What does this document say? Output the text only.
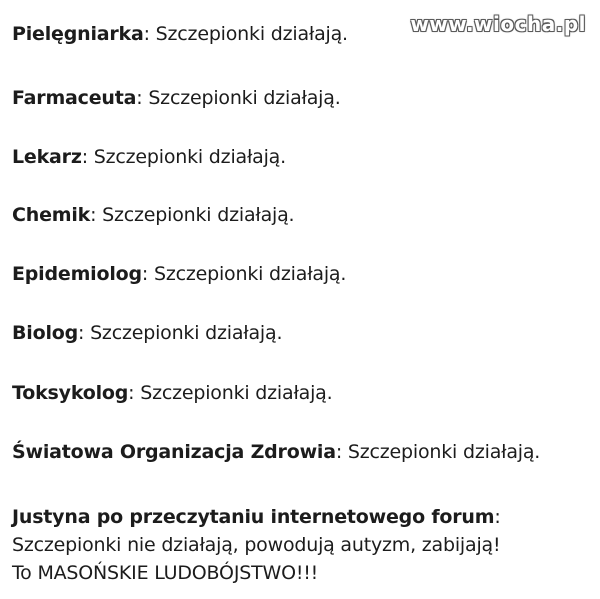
www.wiocha.pl
Pielęgniarka: Szczepionki działają.
Farmaceuta: Szczepionki działają.
Lekarz: Szczepionki działają.
Chemik: Szczepionki działają.
Epidemiolog: Szczepionki działają.
Biolog: Szczepionki działają.
Toksykolog: Szczepionki działają.
Światowa Organizacja Zdrowia: Szczepionki działają.
Justyna po przeczytaniu internetowego forum:
Szczepionki nie działają, powodują autyzm, zabijają!
To MASOŃSKIE LUDOBÓJSTWO!!!
